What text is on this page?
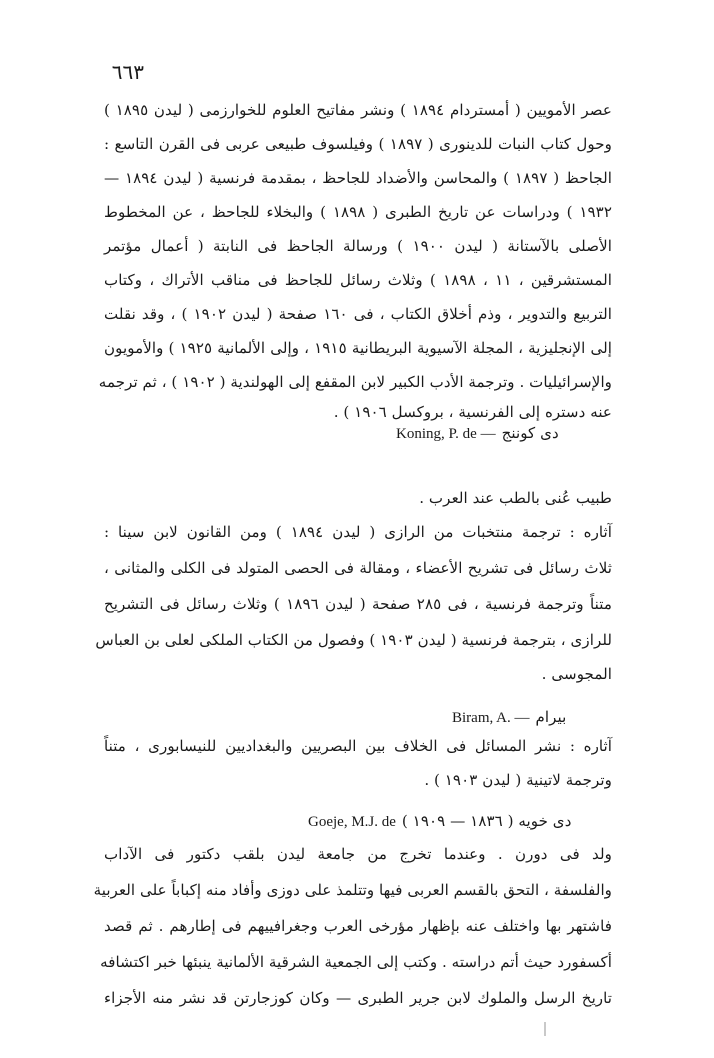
٦٦٣
عصر الأمويين ( أمستردام ١٨٩٤ ) ونشر مفاتيح العلوم للخوارزمى ( ليدن ١٨٩٥ )
وحول كتاب النبات للدينورى ( ١٨٩٧ ) وفيلسوف طبيعى عربى فى القرن التاسع :
الجاحظ ( ١٨٩٧ ) والمحاسن والأضداد للجاحظ ، بمقدمة فرنسية ( ليدن ١٨٩٤ —
١٩٣٢ ) ودراسات عن تاريخ الطبرى ( ١٨٩٨ ) والبخلاء للجاحظ ، عن المخطوط
الأصلى بالآستانة ( ليدن ١٩٠٠ ) ورسالة الجاحظ فى النابتة ( أعمال مؤتمر
المستشرقين ، ١١ ، ١٨٩٨ ) وثلاث رسائل للجاحظ فى مناقب الأتراك ، وكتاب
التربيع والتدوير ، وذم أخلاق الكتاب ، فى ١٦٠ صفحة ( ليدن ١٩٠٢ ) ، وقد نقلت
إلى الإنجليزية ، المجلة الآسيوية البريطانية ١٩١٥ ، وإلى الألمانية ١٩٢٥ ) والأمويون
والإسرائيليات . وترجمة الأدب الكبير لابن المقفع إلى الهولندية ( ١٩٠٢ ) ، ثم ترجمه
عنه دستره إلى الفرنسية ، بروكسل ١٩٠٦ ) .
Koning, P. de — دى كوننج
طبيب عُنى بالطب عند العرب .
آثاره : ترجمة منتخبات من الرازى ( ليدن ١٨٩٤ ) ومن القانون لابن سينا :
ثلاث رسائل فى تشريح الأعضاء ، ومقالة فى الحصى المتولد فى الكلى والمثانى ،
متناً وترجمة فرنسية ، فى ٢٨٥ صفحة ( ليدن ١٨٩٦ ) وثلاث رسائل فى التشريح
للرازى ، بترجمة فرنسية ( ليدن ١٩٠٣ ) وفصول من الكتاب الملكى لعلى بن العباس
المجوسى .
Biram, A. — بيرام
آثاره : نشر المسائل فى الخلاف بين البصريين والبغداديين للنيسابورى ، متناً
وترجمة لاتينية ( ليدن ١٩٠٣ ) .
Goeje, M.J. de دى خويه ( ١٨٣٦ — ١٩٠٩ )
ولد فى دورن . وعندما تخرج من جامعة ليدن بلقب دكتور فى الآداب
والفلسفة ، التحق بالقسم العربى فيها وتتلمذ على دوزى وأفاد منه إكباباً على العربية
فاشتهر بها واختلف عنه بإظهار مؤرخى العرب وجغرافييهم فى إطارهم . ثم قصد
أكسفورد حيث أتم دراسته . وكتب إلى الجمعية الشرقية الألمانية ينبئها خبر اكتشافه
تاريخ الرسل والملوك لابن جرير الطبرى — وكان كوزجارتن قد نشر منه الأجزاء
